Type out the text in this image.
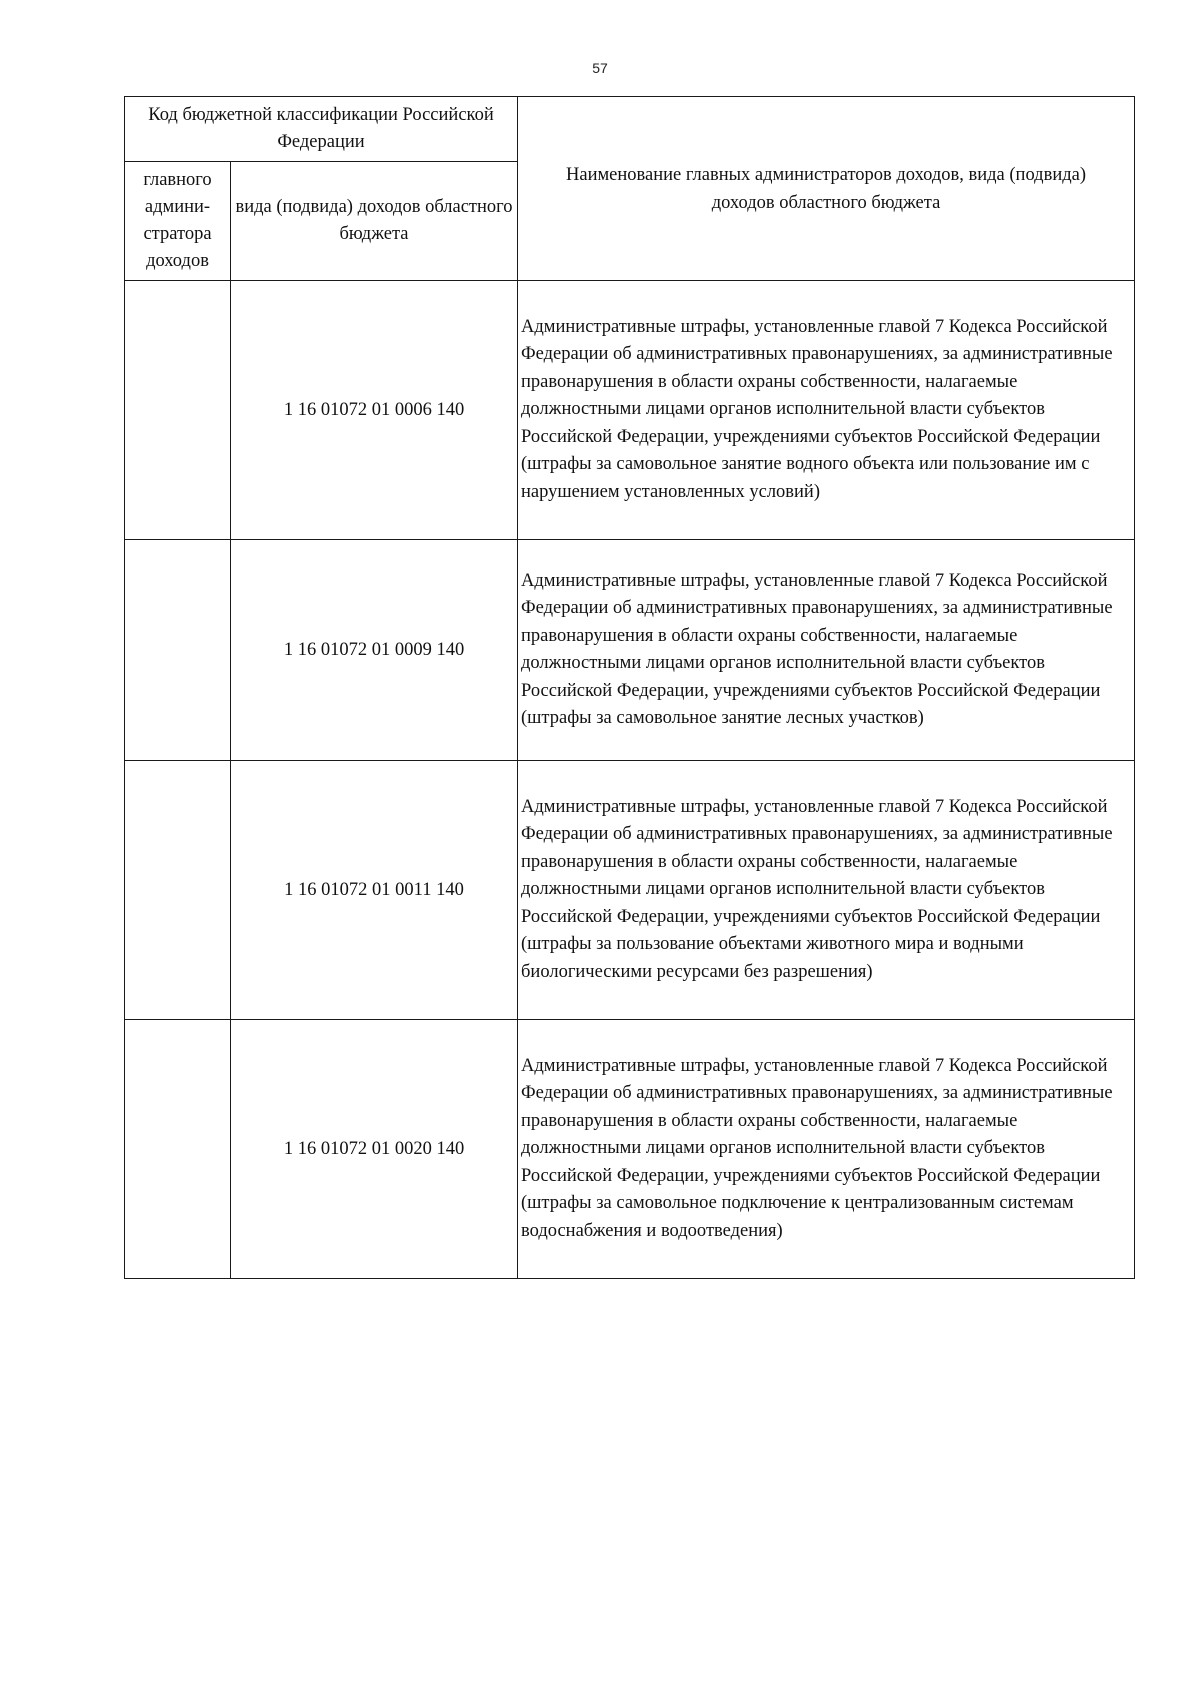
57
Код бюджетной классификации Российской Федерации		Наименование главных администраторов доходов, вида (подвида) доходов областного бюджета
главного админи-стратора доходов	вида (подвида) доходов областного бюджета	
	1 16 01072 01 0006 140	Административные штрафы, установленные главой 7 Кодекса Российской Федерации об административных правонарушениях, за административные правонарушения в области охраны собственности, налагаемые должностными лицами органов исполнительной власти субъектов Российской Федерации, учреждениями субъектов Российской Федерации (штрафы за самовольное занятие водного объекта или пользование им с нарушением установленных условий)
	1 16 01072 01 0009 140	Административные штрафы, установленные главой 7 Кодекса Российской Федерации об административных правонарушениях, за административные правонарушения в области охраны собственности, налагаемые должностными лицами органов исполнительной власти субъектов Российской Федерации, учреждениями субъектов Российской Федерации (штрафы за самовольное занятие лесных участков)
	1 16 01072 01 0011 140	Административные штрафы, установленные главой 7 Кодекса Российской Федерации об административных правонарушениях, за административные правонарушения в области охраны собственности, налагаемые должностными лицами органов исполнительной власти субъектов Российской Федерации, учреждениями субъектов Российской Федерации (штрафы за пользование объектами животного мира и водными биологическими ресурсами без разрешения)
	1 16 01072 01 0020 140	Административные штрафы, установленные главой 7 Кодекса Российской Федерации об административных правонарушениях, за административные правонарушения в области охраны собственности, налагаемые должностными лицами органов исполнительной власти субъектов Российской Федерации, учреждениями субъектов Российской Федерации (штрафы за самовольное подключение к централизованным системам водоснабжения и водоотведения)
